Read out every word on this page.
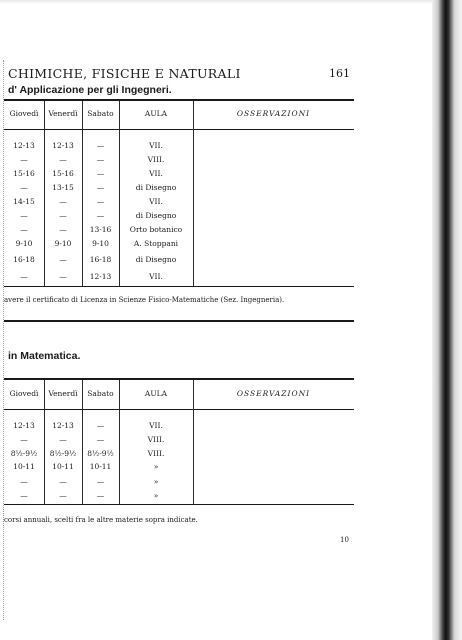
CHIMICHE, FISICHE E NATURALI	161
d' Applicazione per gli Ingegneri.
Giovedì	Venerdì	Sabato	AULA	OSSERVAZIONI
12-13	12-13	—	VII.
—	—	—	VIII.
15-16	15-16	—	VII.
—	13-15	—	di Disegno
14-15	—	—	VII.
—	—	—	di Disegno
—	—	13-16	Orto botanico
9-10	9-10	9-10	A. Stoppani
16-18	—	16-18	di Disegno
—	—	12-13	VII.
avere il certificato di Licenza in Scienze Fisico-Matematiche (Sez. Ingegneria).
in Matematica.
Giovedì	Venerdì	Sabato	AULA	OSSERVAZIONI
12-13	12-13	—	VII.
—	—	—	VIII.
8½-9½	8½-9½	8½-9½	VIII.
10-11	10-11	10-11	»
—	—	—	»
—	—	—	»
corsi annuali, scelti fra le altre materie sopra indicate.
10
